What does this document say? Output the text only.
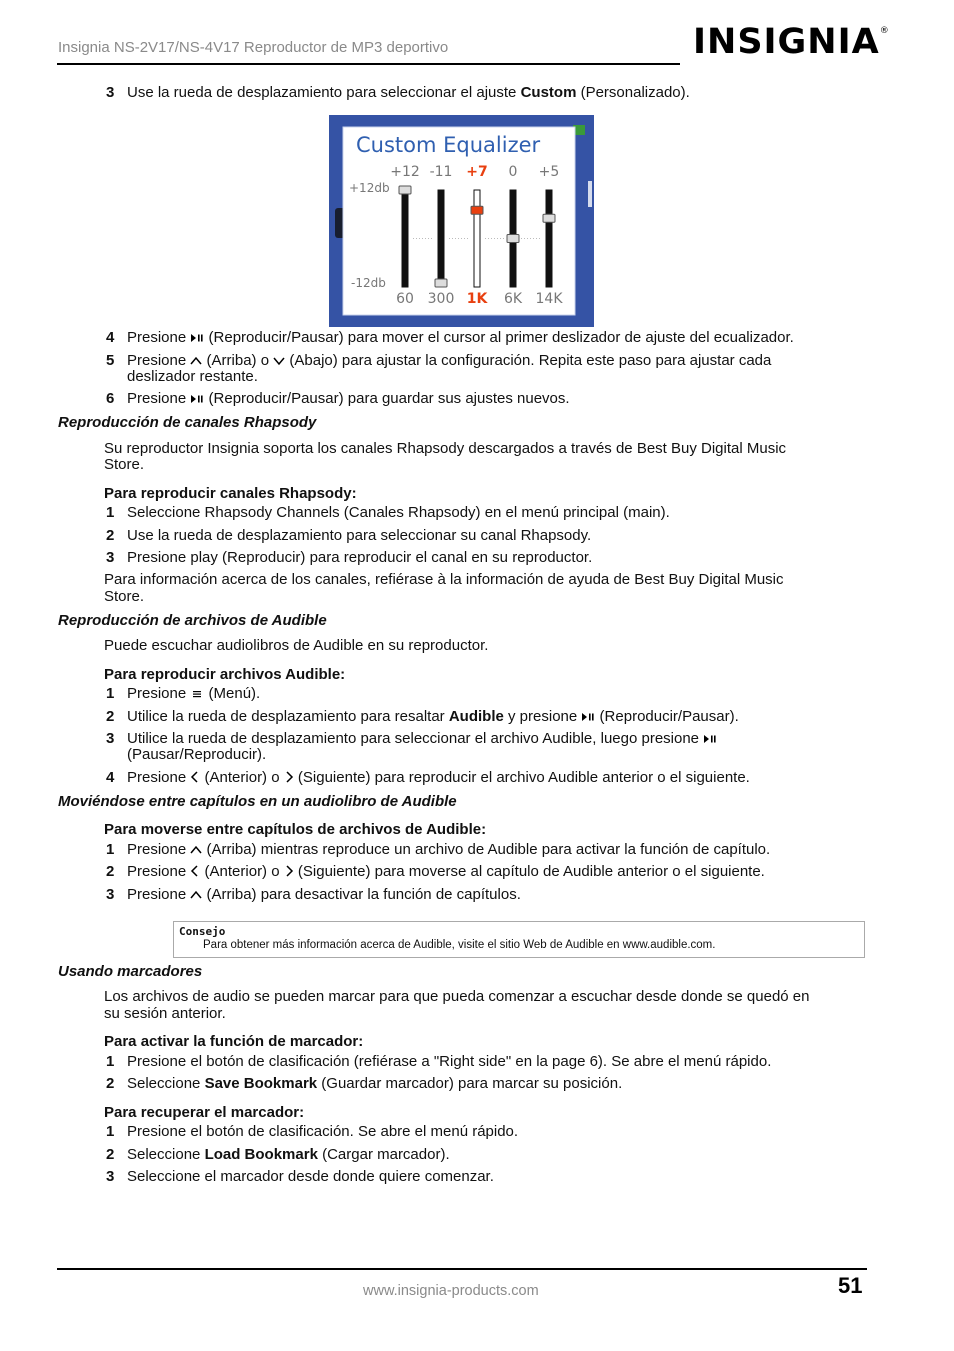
Insignia NS-2V17/NS-4V17 Reproductor de MP3 deportivo	INSIGNIA®
3 Use la rueda de desplazamiento para seleccionar el ajuste Custom (Personalizado).
Custom Equalizer
+12db
-12db
+12
60
-11
300
+7
1K
0
6K
+5
14K
4 Presione  (Reproducir/Pausar) para mover el cursor al primer deslizador de ajuste del ecualizador.
5 Presione  (Arriba) o  (Abajo) para ajustar la configuración. Repita este paso para ajustar cada
deslizador restante.
6 Presione  (Reproducir/Pausar) para guardar sus ajustes nuevos.
Reproducción de canales Rhapsody
Su reproductor Insignia soporta los canales Rhapsody descargados a través de Best Buy Digital Music
Store.
Para reproducir canales Rhapsody:
1 Seleccione Rhapsody Channels (Canales Rhapsody) en el menú principal (main).
2 Use la rueda de desplazamiento para seleccionar su canal Rhapsody.
3 Presione play (Reproducir) para reproducir el canal en su reproductor.
Para información acerca de los canales, refiérase à la información de ayuda de Best Buy Digital Music
Store.
Reproducción de archivos de Audible
Puede escuchar audiolibros de Audible en su reproductor.
Para reproducir archivos Audible:
1 Presione  (Menú).
2 Utilice la rueda de desplazamiento para resaltar Audible y presione  (Reproducir/Pausar).
3 Utilice la rueda de desplazamiento para seleccionar el archivo Audible, luego presione
(Pausar/Reproducir).
4 Presione  (Anterior) o  (Siguiente) para reproducir el archivo Audible anterior o el siguiente.
Moviéndose entre capítulos en un audiolibro de Audible
Para moverse entre capítulos de archivos de Audible:
1 Presione  (Arriba) mientras reproduce un archivo de Audible para activar la función de capítulo.
2 Presione  (Anterior) o  (Siguiente) para moverse al capítulo de Audible anterior o el siguiente.
3 Presione  (Arriba) para desactivar la función de capítulos.
Consejo
Para obtener más información acerca de Audible, visite el sitio Web de Audible en www.audible.com.
Usando marcadores
Los archivos de audio se pueden marcar para que pueda comenzar a escuchar desde donde se quedó en
su sesión anterior.
Para activar la función de marcador:
1 Presione el botón de clasificación (refiérase a "Right side" en la page 6). Se abre el menú rápido.
2 Seleccione Save Bookmark (Guardar marcador) para marcar su posición.
Para recuperar el marcador:
1 Presione el botón de clasificación. Se abre el menú rápido.
2 Seleccione Load Bookmark (Cargar marcador).
3 Seleccione el marcador desde donde quiere comenzar.
www.insignia-products.com	51
